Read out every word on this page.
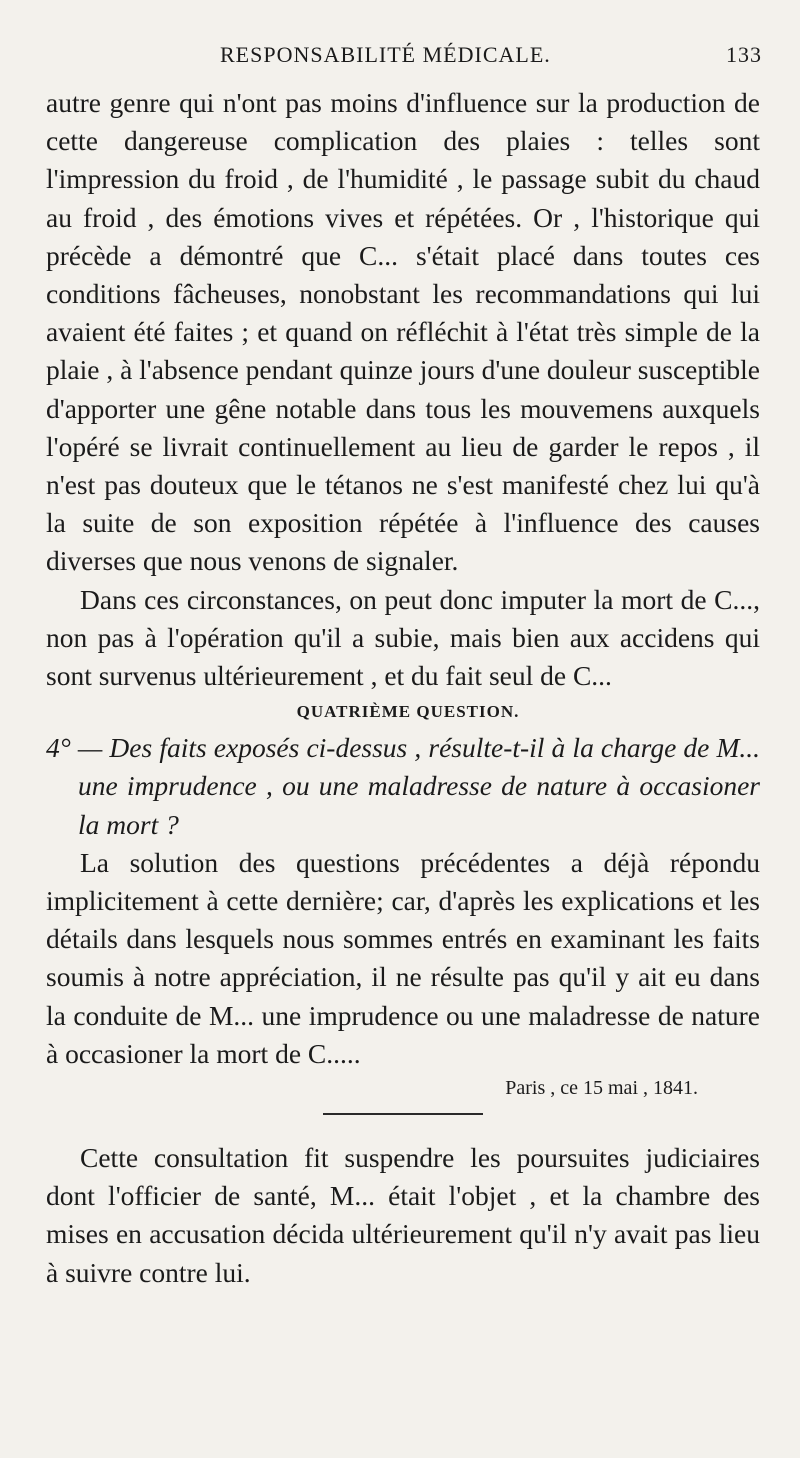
RESPONSABILITÉ MÉDICALE.	133

autre genre qui n'ont pas moins d'influence sur la production de cette dangereuse complication des plaies : telles sont l'impression du froid , de l'humidité , le passage subit du chaud au froid , des émotions vives et répétées. Or , l'historique qui précède a démontré que C... s'était placé dans toutes ces conditions fâcheuses, nonobstant les recommandations qui lui avaient été faites ; et quand on réfléchit à l'état très simple de la plaie , à l'absence pendant quinze jours d'une douleur susceptible d'apporter une gêne notable dans tous les mouvemens auxquels l'opéré se livrait continuellement au lieu de garder le repos , il n'est pas douteux que le tétanos ne s'est manifesté chez lui qu'à la suite de son exposition répétée à l'influence des causes diverses que nous venons de signaler.

Dans ces circonstances, on peut donc imputer la mort de C..., non pas à l'opération qu'il a subie, mais bien aux accidens qui sont survenus ultérieurement , et du fait seul de C...

QUATRIÈME QUESTION.

4° — Des faits exposés ci-dessus , résulte-t-il à la charge de M... une imprudence , ou une maladresse de nature à occasioner la mort ?

La solution des questions précédentes a déjà répondu implicitement à cette dernière; car, d'après les explications et les détails dans lesquels nous sommes entrés en examinant les faits soumis à notre appréciation, il ne résulte pas qu'il y ait eu dans la conduite de M... une imprudence ou une maladresse de nature à occasioner la mort de C.....

Paris , ce 15 mai , 1841.

Cette consultation fit suspendre les poursuites judiciaires dont l'officier de santé, M... était l'objet , et la chambre des mises en accusation décida ultérieurement qu'il n'y avait pas lieu à suivre contre lui.
